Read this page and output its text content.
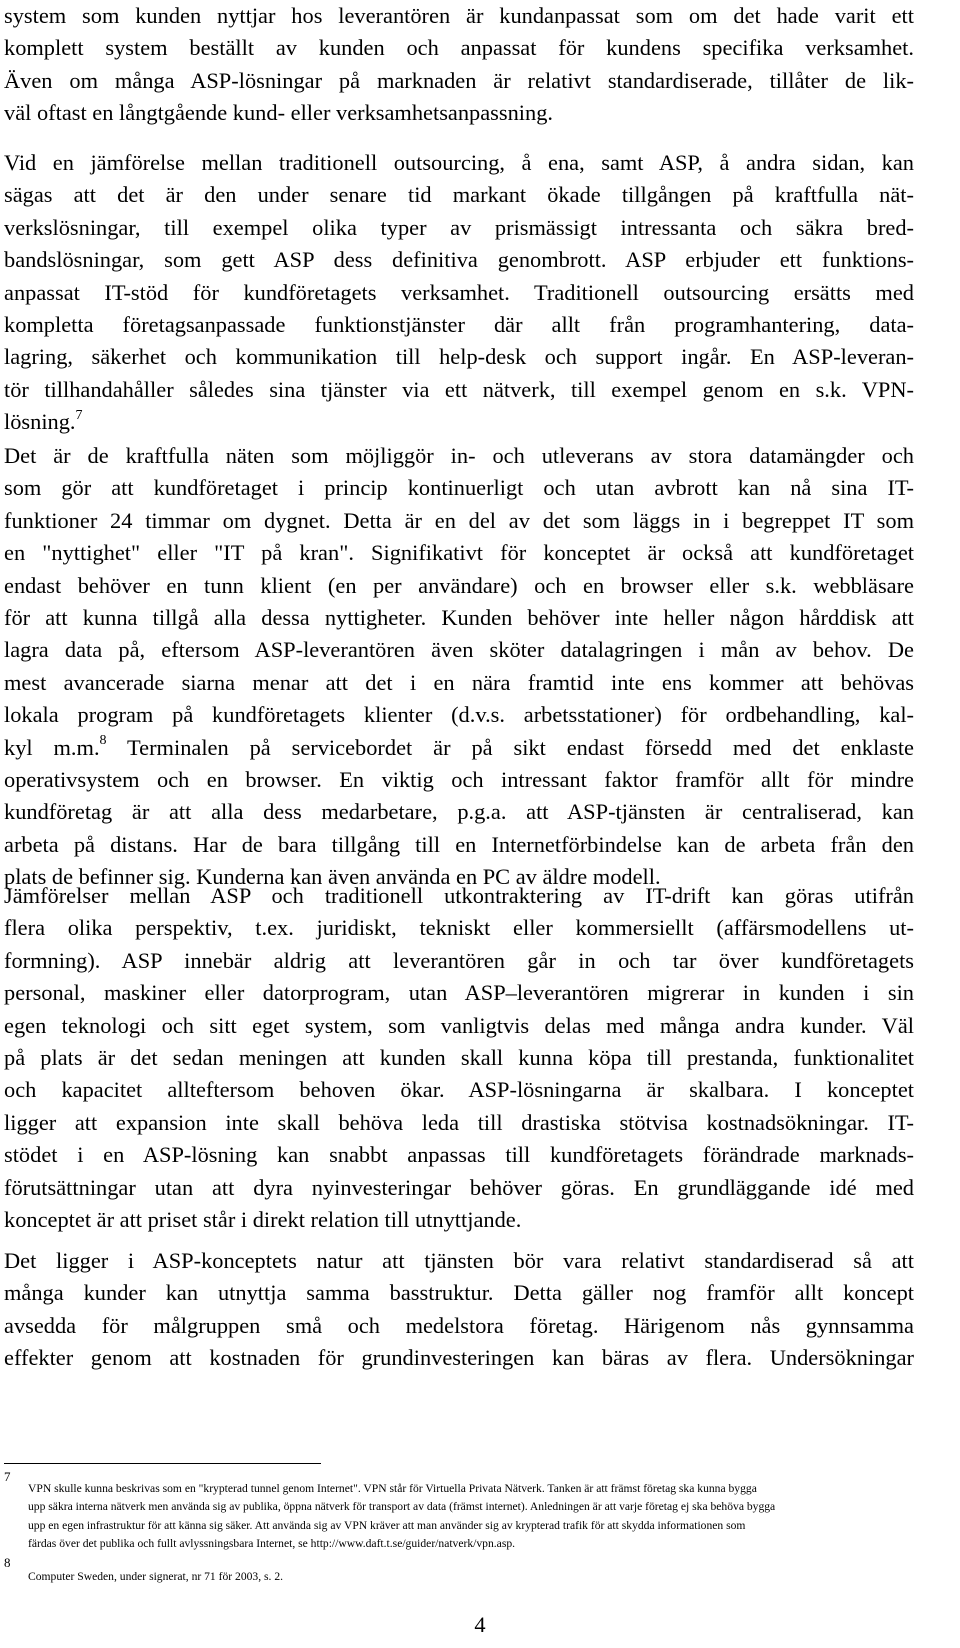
system som kunden nyttjar hos leverantören är kundanpassat som om det hade varit ett
komplett system beställt av kunden och anpassat för kundens specifika verksamhet.
Även om många ASP-lösningar på marknaden är relativt standardiserade, tillåter de lik-
väl oftast en långtgående kund- eller verksamhetsanpassning.
Vid en jämförelse mellan traditionell outsourcing, å ena, samt ASP, å andra sidan, kan
sägas att det är den under senare tid markant ökade tillgången på kraftfulla nät-
verkslösningar, till exempel olika typer av prismässigt intressanta och säkra bred-
bandslösningar, som gett ASP dess definitiva genombrott. ASP erbjuder ett funktions-
anpassat IT-stöd för kundföretagets verksamhet. Traditionell outsourcing ersätts med
kompletta företagsanpassade funktionstjänster där allt från programhantering, data-
lagring, säkerhet och kommunikation till help-desk och support ingår. En ASP-leveran-
tör tillhandahåller således sina tjänster via ett nätverk, till exempel genom en s.k. VPN-
lösning.$^7$
Det är de kraftfulla näten som möjliggör in- och utleverans av stora datamängder och
som gör att kundföretaget i princip kontinuerligt och utan avbrott kan nå sina IT-
funktioner 24 timmar om dygnet. Detta är en del av det som läggs in i begreppet IT som
en "nyttighet" eller "IT på kran". Signifikativt för konceptet är också att kundföretaget
endast behöver en tunn klient (en per användare) och en browser eller s.k. webbläsare
för att kunna tillgå alla dessa nyttigheter. Kunden behöver inte heller någon hårddisk att
lagra data på, eftersom ASP-leverantören även sköter datalagringen i mån av behov. De
mest avancerade siarna menar att det i en nära framtid inte ens kommer att behövas
lokala program på kundföretagets klienter (d.v.s. arbetsstationer) för ordbehandling, kal-
kyl m.m.$^8$ Terminalen på servicebordet är på sikt endast försedd med det enklaste
operativsystem och en browser. En viktig och intressant faktor framför allt för mindre
kundföretag är att alla dess medarbetare, p.g.a. att ASP-tjänsten är centraliserad, kan
arbeta på distans. Har de bara tillgång till en Internetförbindelse kan de arbeta från den
plats de befinner sig. Kunderna kan även använda en PC av äldre modell.
Jämförelser mellan ASP och traditionell utkontraktering av IT-drift kan göras utifrån
flera olika perspektiv, t.ex. juridiskt, tekniskt eller kommersiellt (affärsmodellens ut-
formning). ASP innebär aldrig att leverantören går in och tar över kundföretagets
personal, maskiner eller datorprogram, utan ASP–leverantören migrerar in kunden i sin
egen teknologi och sitt eget system, som vanligtvis delas med många andra kunder. Väl
på plats är det sedan meningen att kunden skall kunna köpa till prestanda, funktionalitet
och kapacitet allteftersom behoven ökar. ASP-lösningarna är skalbara. I konceptet
ligger att expansion inte skall behöva leda till drastiska stötvisa kostnadsökningar. IT-
stödet i en ASP-lösning kan snabbt anpassas till kundföretagets förändrade marknads-
förutsättningar utan att dyra nyinvesteringar behöver göras. En grundläggande idé med
konceptet är att priset står i direkt relation till utnyttjande.
Det ligger i ASP-konceptets natur att tjänsten bör vara relativt standardiserad så att
många kunder kan utnyttja samma basstruktur. Detta gäller nog framför allt koncept
avsedda för målgruppen små och medelstora företag. Härigenom nås gynnsamma
effekter genom att kostnaden för grundinvesteringen kan bäras av flera. Undersökningar
7
VPN skulle kunna beskrivas som en "krypterad tunnel genom Internet". VPN står för Virtuella Privata Nätverk. Tanken är att främst företag ska kunna bygga
upp säkra interna nätverk men använda sig av publika, öppna nätverk för transport av data (främst internet). Anledningen är att varje företag ej ska behöva bygga
upp en egen infrastruktur för att känna sig säker. Att använda sig av VPN kräver att man använder sig av krypterad trafik för att skydda informationen som
färdas över det publika och fullt avlyssningsbara Internet, se http://www.daft.t.se/guider/natverk/vpn.asp.
8
Computer Sweden, under signerat, nr 71 för 2003, s. 2.
4
